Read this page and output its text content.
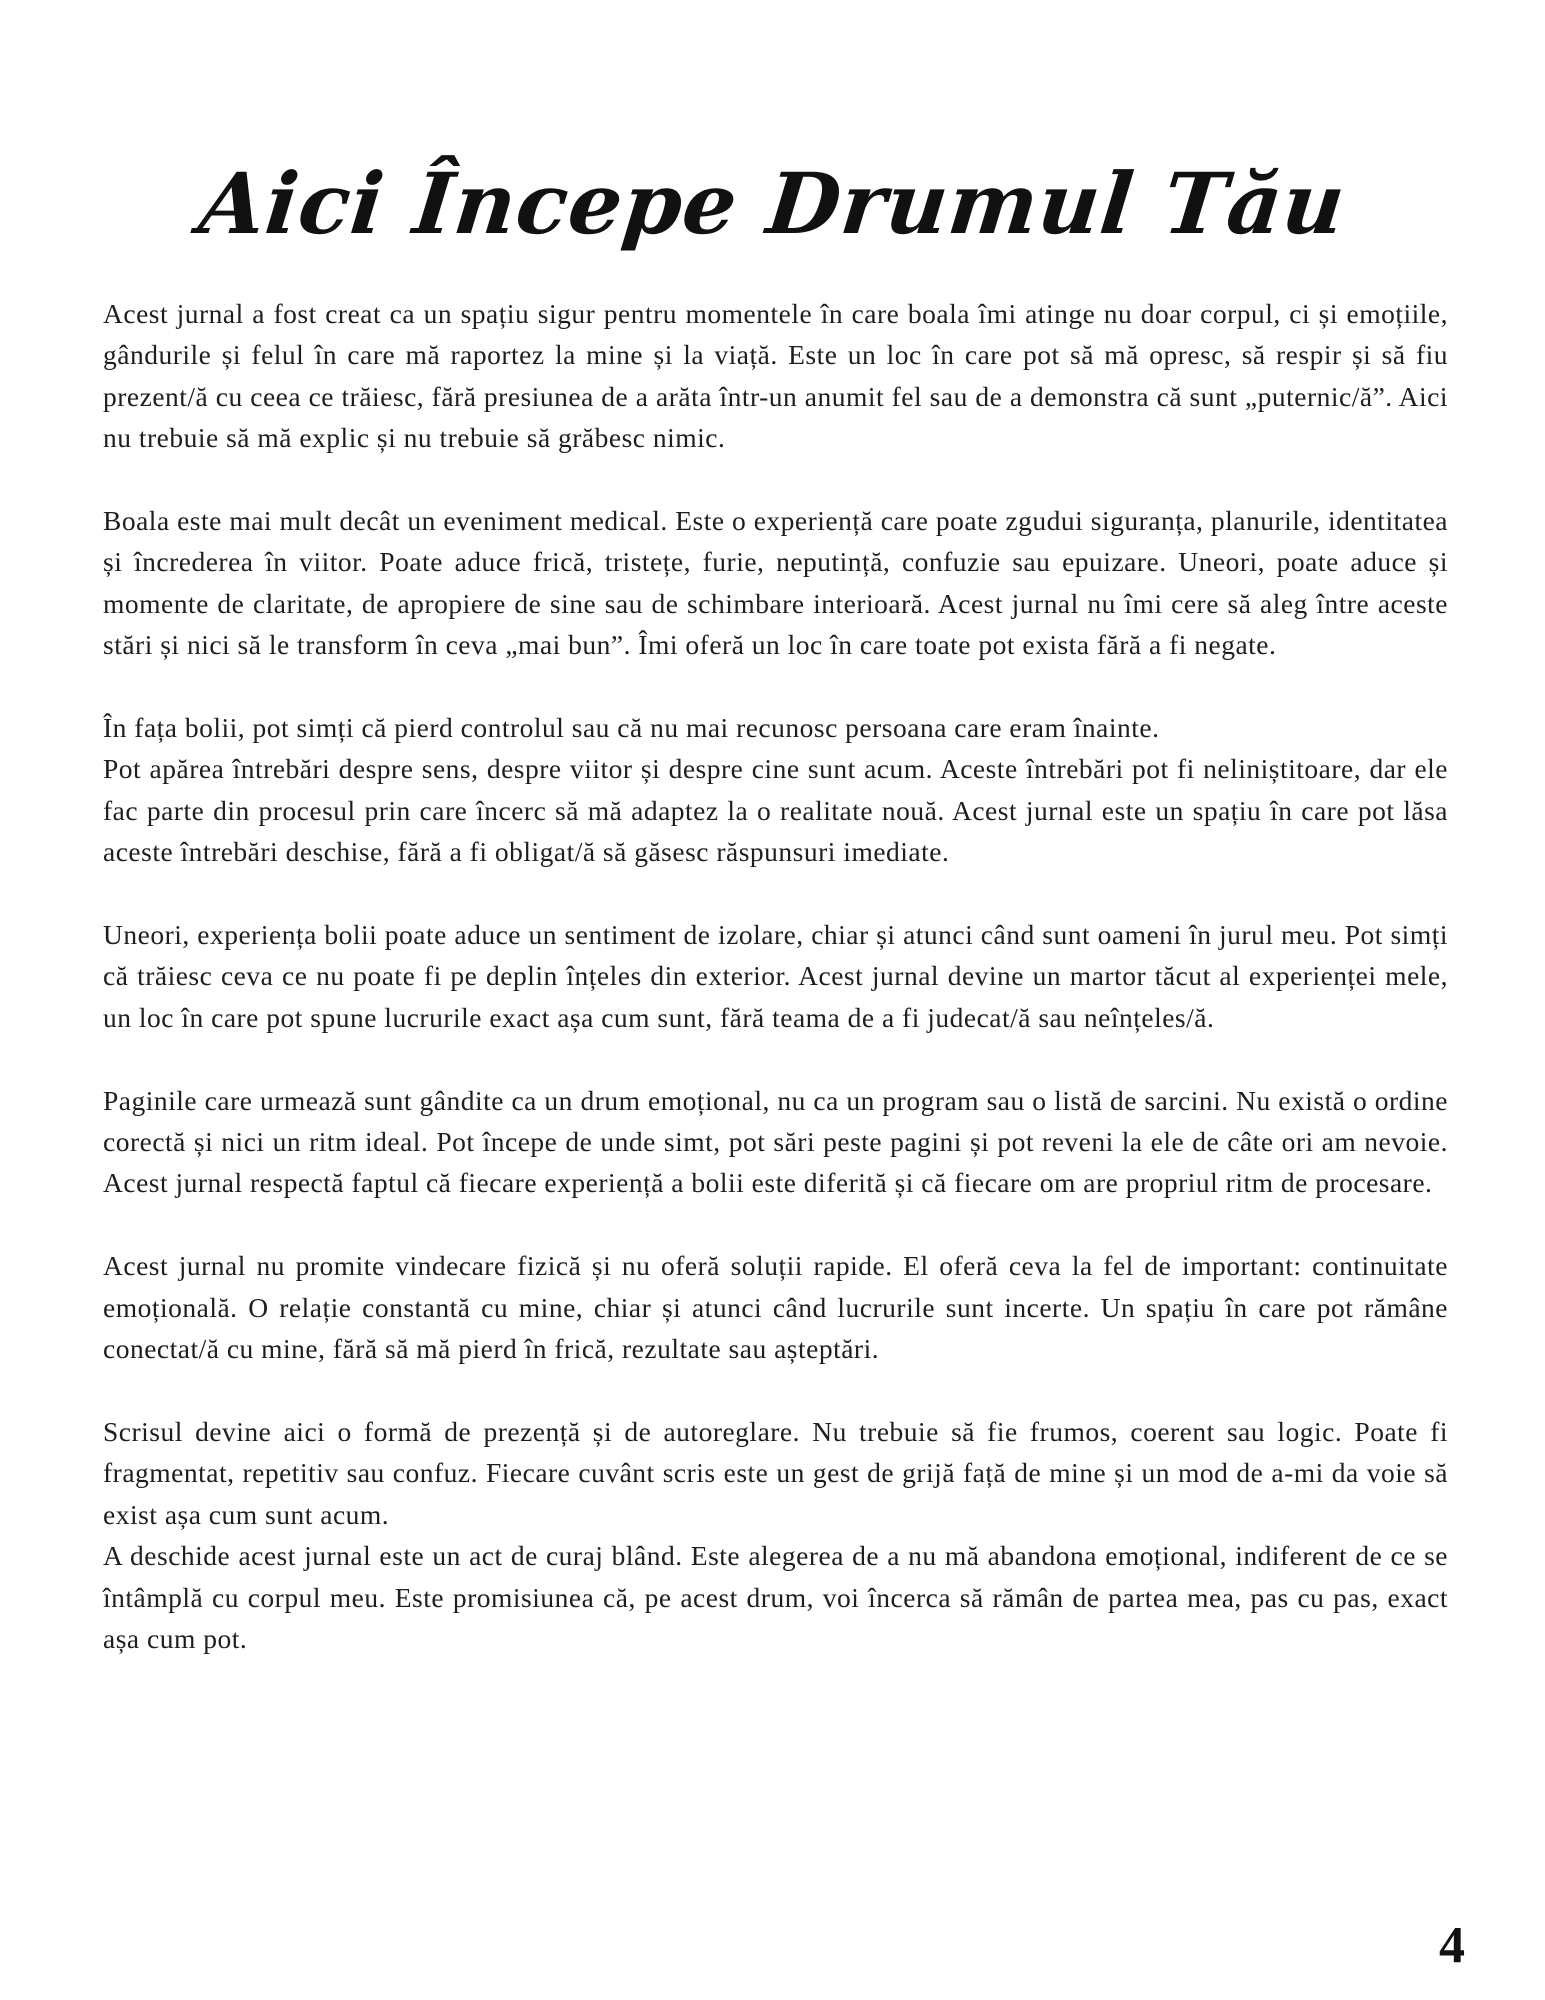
Aici Începe Drumul Tău

Acest jurnal a fost creat ca un spațiu sigur pentru momentele în care boala îmi atinge nu doar corpul, ci și emoțiile, gândurile și felul în care mă raportez la mine și la viață. Este un loc în care pot să mă opresc, să respir și să fiu prezent/ă cu ceea ce trăiesc, fără presiunea de a arăta într-un anumit fel sau de a demonstra că sunt „puternic/ă”. Aici nu trebuie să mă explic și nu trebuie să grăbesc nimic.

Boala este mai mult decât un eveniment medical. Este o experiență care poate zgudui siguranța, planurile, identitatea și încrederea în viitor. Poate aduce frică, tristețe, furie, neputință, confuzie sau epuizare. Uneori, poate aduce și momente de claritate, de apropiere de sine sau de schimbare interioară. Acest jurnal nu îmi cere să aleg între aceste stări și nici să le transform în ceva „mai bun”. Îmi oferă un loc în care toate pot exista fără a fi negate.

În fața bolii, pot simți că pierd controlul sau că nu mai recunosc persoana care eram înainte.

Pot apărea întrebări despre sens, despre viitor și despre cine sunt acum. Aceste întrebări pot fi neliniștitoare, dar ele fac parte din procesul prin care încerc să mă adaptez la o realitate nouă. Acest jurnal este un spațiu în care pot lăsa aceste întrebări deschise, fără a fi obligat/ă să găsesc răspunsuri imediate.

Uneori, experiența bolii poate aduce un sentiment de izolare, chiar și atunci când sunt oameni în jurul meu. Pot simți că trăiesc ceva ce nu poate fi pe deplin înțeles din exterior. Acest jurnal devine un martor tăcut al experienței mele, un loc în care pot spune lucrurile exact așa cum sunt, fără teama de a fi judecat/ă sau neînțeles/ă.

Paginile care urmează sunt gândite ca un drum emoțional, nu ca un program sau o listă de sarcini. Nu există o ordine corectă și nici un ritm ideal. Pot începe de unde simt, pot sări peste pagini și pot reveni la ele de câte ori am nevoie. Acest jurnal respectă faptul că fiecare experiență a bolii este diferită și că fiecare om are propriul ritm de procesare.

Acest jurnal nu promite vindecare fizică și nu oferă soluții rapide. El oferă ceva la fel de important: continuitate emoțională. O relație constantă cu mine, chiar și atunci când lucrurile sunt incerte. Un spațiu în care pot rămâne conectat/ă cu mine, fără să mă pierd în frică, rezultate sau așteptări.

Scrisul devine aici o formă de prezență și de autoreglare. Nu trebuie să fie frumos, coerent sau logic. Poate fi fragmentat, repetitiv sau confuz. Fiecare cuvânt scris este un gest de grijă față de mine și un mod de a-mi da voie să exist așa cum sunt acum.

A deschide acest jurnal este un act de curaj blând. Este alegerea de a nu mă abandona emoțional, indiferent de ce se întâmplă cu corpul meu. Este promisiunea că, pe acest drum, voi încerca să rămân de partea mea, pas cu pas, exact așa cum pot.

4
